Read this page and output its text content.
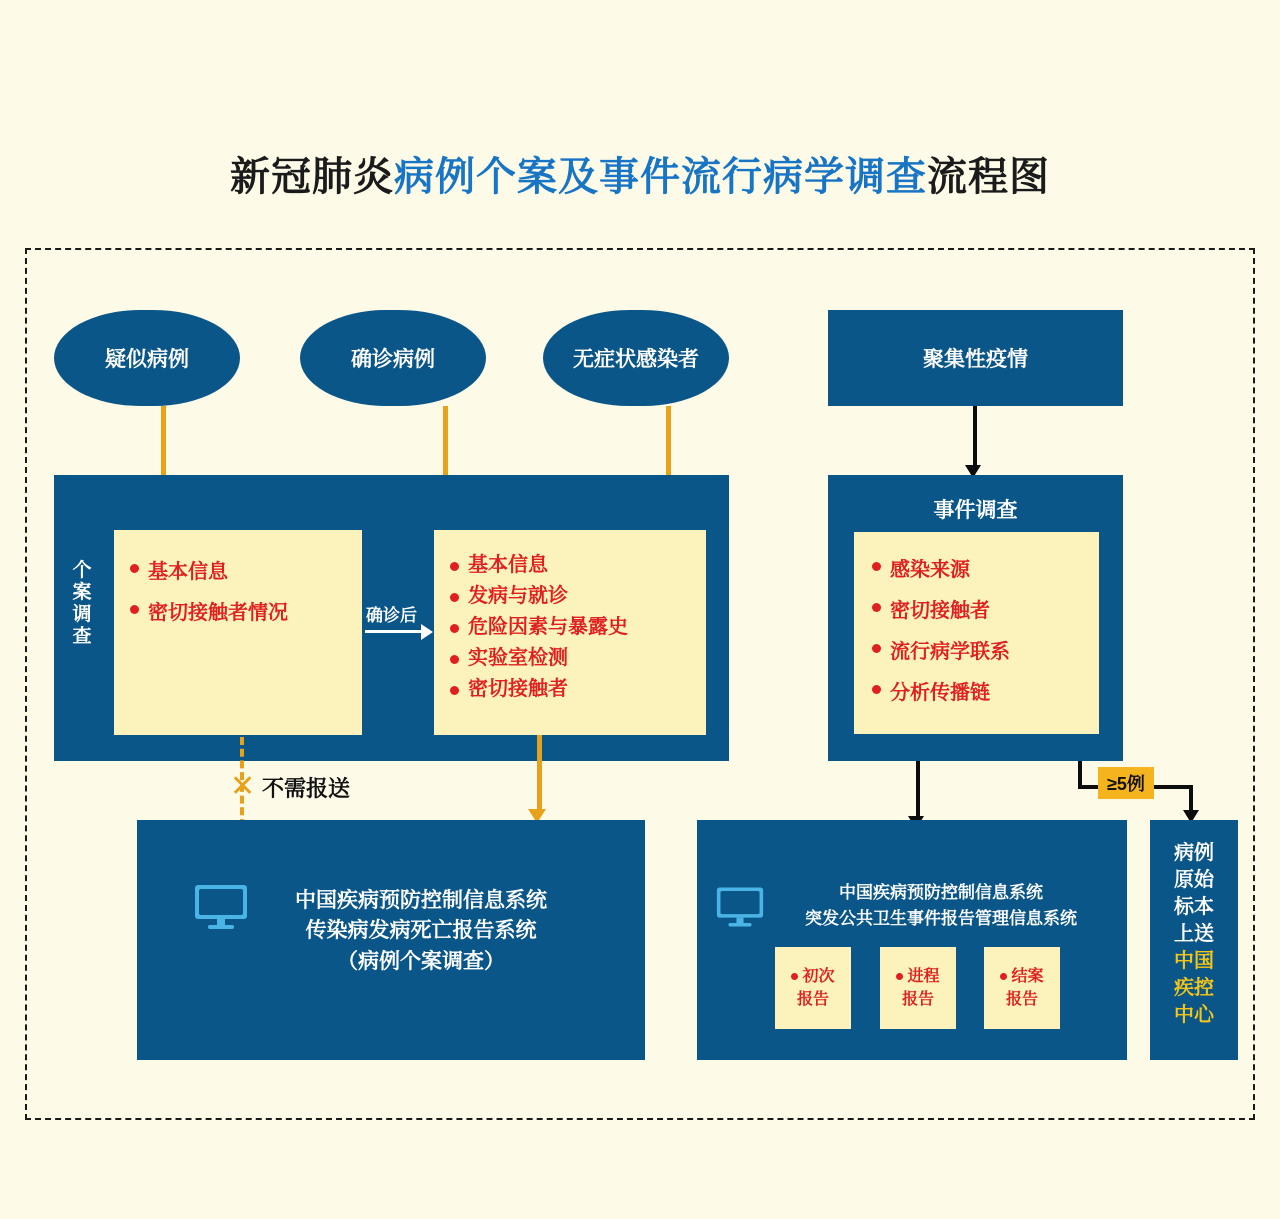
新冠肺炎病例个案及事件流行病学调查流程图
疑似病例	确诊病例	无症状感染者	聚集性疫情
个案调查
基本信息
密切接触者情况	确诊后
基本信息
发病与就诊
危险因素与暴露史
实验室检测
密切接触者
事件调查
感染来源
密切接触者
流行病学联系
分析传播链
✕ 不需报送	≥5例
中国疾病预防控制信息系统
传染病发病死亡报告系统
（病例个案调查）
中国疾病预防控制信息系统
突发公共卫生事件报告管理信息系统
初次
报告
进程
报告
结案
报告
病例
原始
标本
上送
中国
疾控
中心
